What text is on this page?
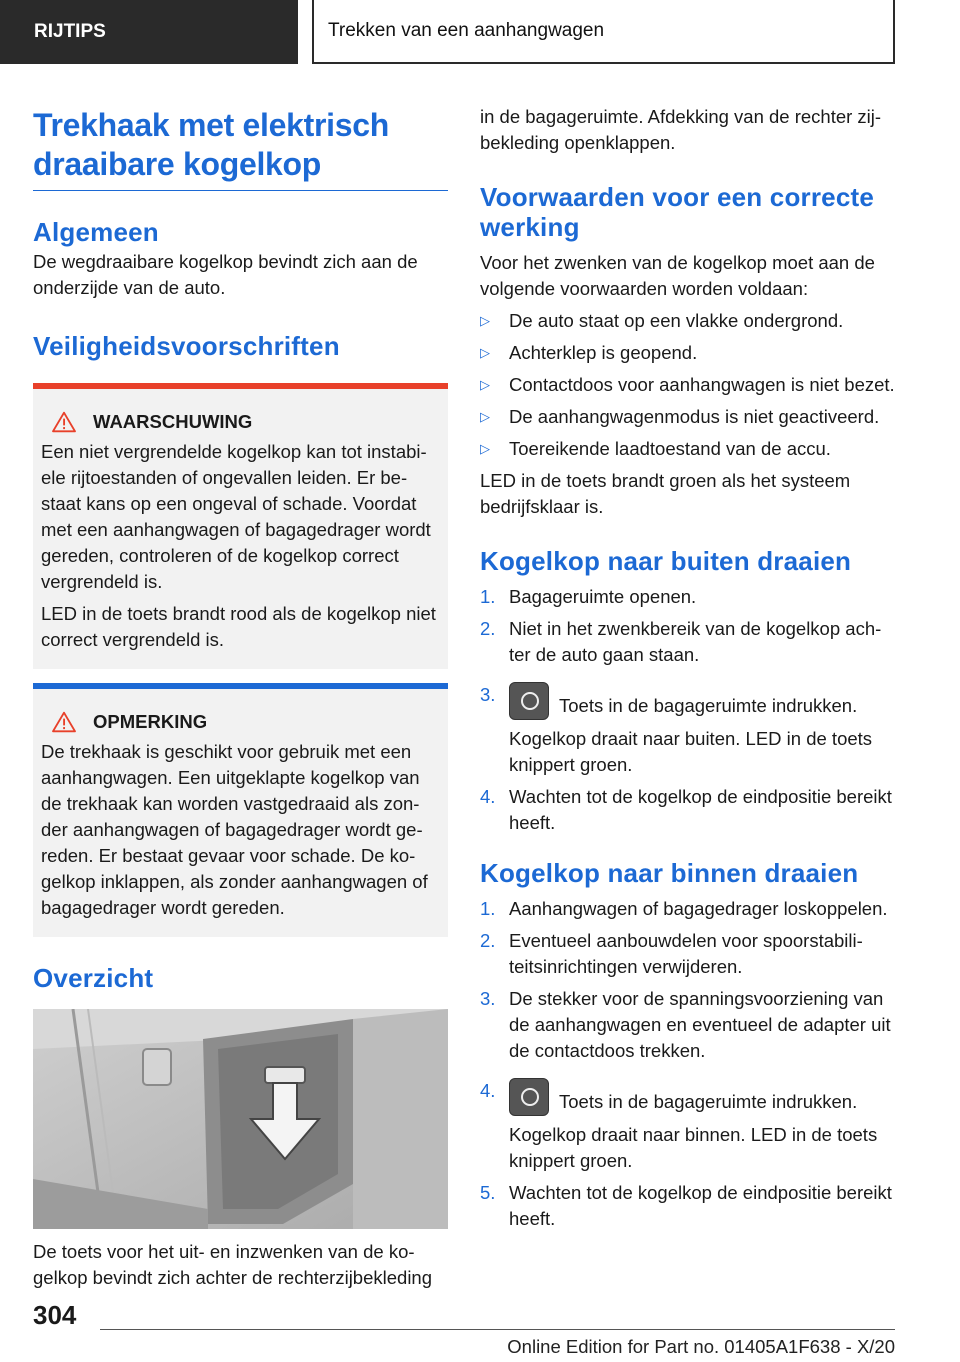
RIJTIPS	Trekken van een aanhangwagen
Trekhaak met elektrisch draaibare kogelkop
Algemeen

De wegdraaibare kogelkop bevindt zich aan de onderzijde van de auto.

Veiligheidsvoorschriften
WAARSCHUWING

Een niet vergrendelde kogelkop kan tot instabiele rijtoestanden of ongevallen leiden. Er bestaat kans op een ongeval of schade. Voordat met een aanhangwagen of bagagedrager wordt gereden, controleren of de kogelkop correct vergrendeld is.

LED in de toets brandt rood als de kogelkop niet correct vergrendeld is.

OPMERKING

De trekhaak is geschikt voor gebruik met een aanhangwagen. Een uitgeklapte kogelkop van de trekhaak kan worden vastgedraaid als zonder aanhangwagen of bagagedrager wordt gereden. Er bestaat gevaar voor schade. De kogelkop inklappen, als zonder aanhangwagen of bagagedrager wordt gereden.

Overzicht

De toets voor het uit- en inzwenken van de kogelkop bevindt zich achter de rechterzijbekleding

in de bagageruimte. Afdekking van de rechter zijbekleding openklappen.

Voorwaarden voor een correcte werking

Voor het zwenken van de kogelkop moet aan de volgende voorwaarden worden voldaan:

▷	De auto staat op een vlakke ondergrond.
▷	Achterklep is geopend.
▷	Contactdoos voor aanhangwagen is niet bezet.
▷	De aanhangwagenmodus is niet geactiveerd.
▷	Toereikende laadtoestand van de accu.

LED in de toets brandt groen als het systeem bedrijfsklaar is.

Kogelkop naar buiten draaien
1. Bagageruimte openen.
2. Niet in het zwenkbereik van de kogelkop achter de auto gaan staan.
3.
Toets in de bagageruimte indrukken.
Kogelkop draait naar buiten. LED in de toets knippert groen.
4. Wachten tot de kogelkop de eindpositie bereikt heeft.
Kogelkop naar binnen draaien
1. Aanhangwagen of bagagedrager loskoppelen.
2. Eventueel aanbouwdelen voor spoorstabiliteitsinrichtingen verwijderen.
3. De stekker voor de spanningsvoorziening van de aanhangwagen en eventueel de adapter uit de contactdoos trekken.
4.
Toets in de bagageruimte indrukken.
Kogelkop draait naar binnen. LED in de toets knippert groen.
5. Wachten tot de kogelkop de eindpositie bereikt heeft.
304
Online Edition for Part no. 01405A1F638 - X/20
